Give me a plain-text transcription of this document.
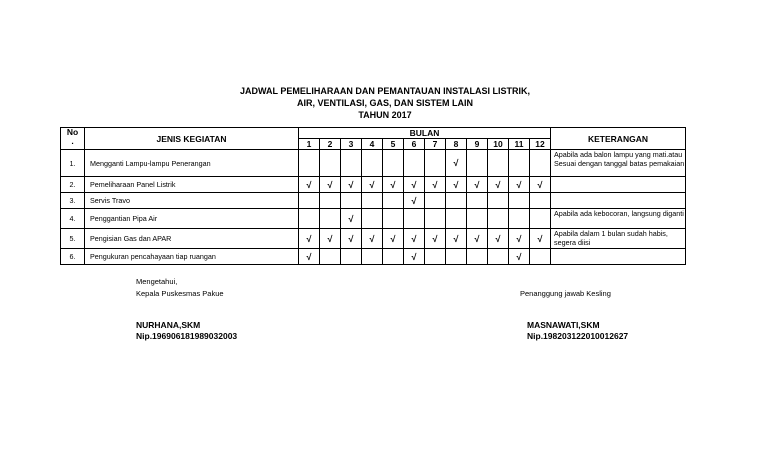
JADWAL PEMELIHARAAN DAN PEMANTAUAN INSTALASI LISTRIK,
AIR, VENTILASI, GAS, DAN SISTEM LAIN
TAHUN 2017
No
.	JENIS KEGIATAN	BULAN												KETERANGAN
		1	2	3	4	5	6	7	8	9	10	11	12	
1.	Mengganti Lampu-lampu Penerangan								√					Apabila ada balon lampu yang mati.atau Sesuai dengan tanggal batas pemakaian
2.	Pemeliharaan Panel Listrik	√	√	√	√	√	√	√	√	√	√	√	√	
3.	Servis Travo						√							
4.	Penggantian Pipa Air			√										Apabila ada kebocoran, langsung diganti
5.	Pengisian Gas dan APAR	√	√	√	√	√	√	√	√	√	√	√	√	Apabila dalam 1 bulan sudah habis, segera diisi
6.	Pengukuran pencahayaan tiap ruangan	√					√					√		
Mengetahui,
Kepala Puskesmas Pakue	Penanggung jawab Kesling
NURHANA,SKM
Nip.196906181989032003
MASNAWATI,SKM
Nip.198203122010012627
